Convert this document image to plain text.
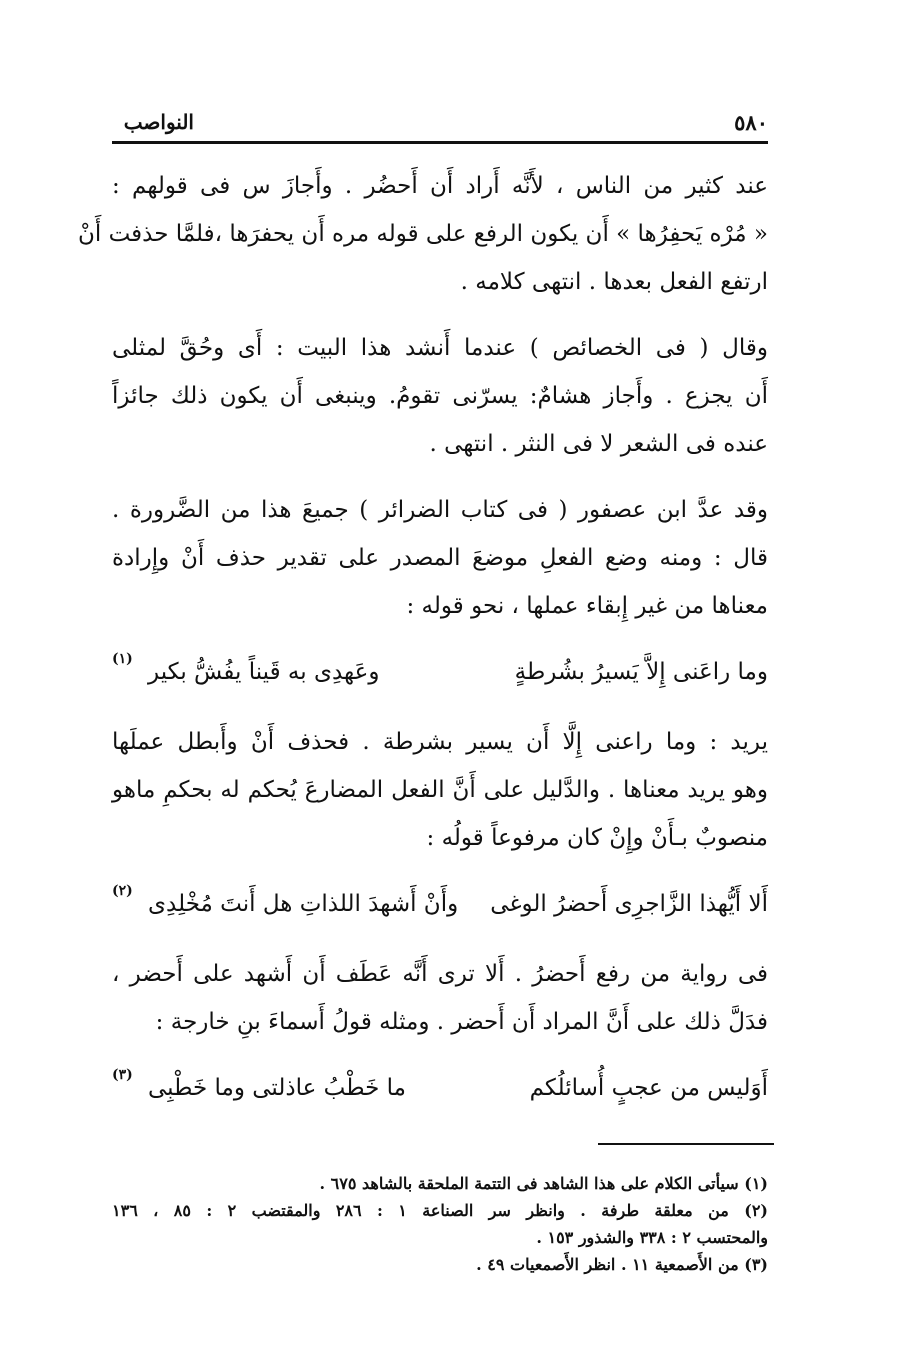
٥٨٠
النواصب
عند كثير من الناس ، لأَنَّه أَراد أَن أَحضُر . وأَجازَ س فى قولهم :
« مُرْه يَحفِرُها » أَن يكون الرفع على قوله مره أَن يحفرَها ،فلمَّا حذفت أَنْ
ارتفع الفعل بعدها . انتهى كلامه .
وقال ( فى الخصائص ) عندما أَنشد هذا البيت : أَى وحُقَّ لمثلى
أَن يجزع . وأَجاز هشامٌ: يسرّنى تقومُ. وينبغى أَن يكون ذلك جائزاً
عنده فى الشعر لا فى النثر . انتهى .
وقد عدَّ ابن عصفور ( فى كتاب الضرائر ) جميعَ هذا من الضَّرورة .
قال : ومنه وضع الفعلِ موضعَ المصدر على تقدير حذف أَنْ وإِرادة
معناها من غير إِبقاء عملها ، نحو قوله :
وما راعَنى إِلاَّ يَسيرُ بشُرطةٍ
وعَهدِى به قَيناً يفُشُّ بكير
(١)
يريد : وما راعنى إِلَّا أَن يسير بشرطة . فحذف أَنْ وأَبطل عملَها
وهو يريد معناها . والدَّليل على أَنَّ الفعل المضارعَ يُحكم له بحكمِ ماهو
منصوبٌ بـأَنْ وإِنْ كان مرفوعاً قولُه :
أَلا أَيُّهذا الزَّاجرِى أَحضرُ الوغى
وأَنْ أَشهدَ اللذاتِ هل أَنتَ مُخْلِدِى
(٢)
فى رواية من رفع أَحضرُ . أَلا ترى أَنَّه عَطَف أَن أَشهد على أَحضر ،
فدَلَّ ذلك على أَنَّ المراد أَن أَحضر . ومثله قولُ أَسماءَ بنِ خارجة :
أَوَليس من عجبٍ أُسائلُكم
ما خَطْبُ عاذلتى وما خَطْبِى
(٣)
(١) سيأتى الكلام على هذا الشاهد فى التتمة الملحقة بالشاهد ٦٧٥ .
(٢) من معلقة طرفة . وانظر سر الصناعة ١ : ٢٨٦ والمقتضب ٢ : ٨٥ ، ١٣٦
والمحتسب ٢ : ٣٣٨ والشذور ١٥٣ .
(٣) من الأَصمعية ١١ . انظر الأَصمعيات ٤٩ .
